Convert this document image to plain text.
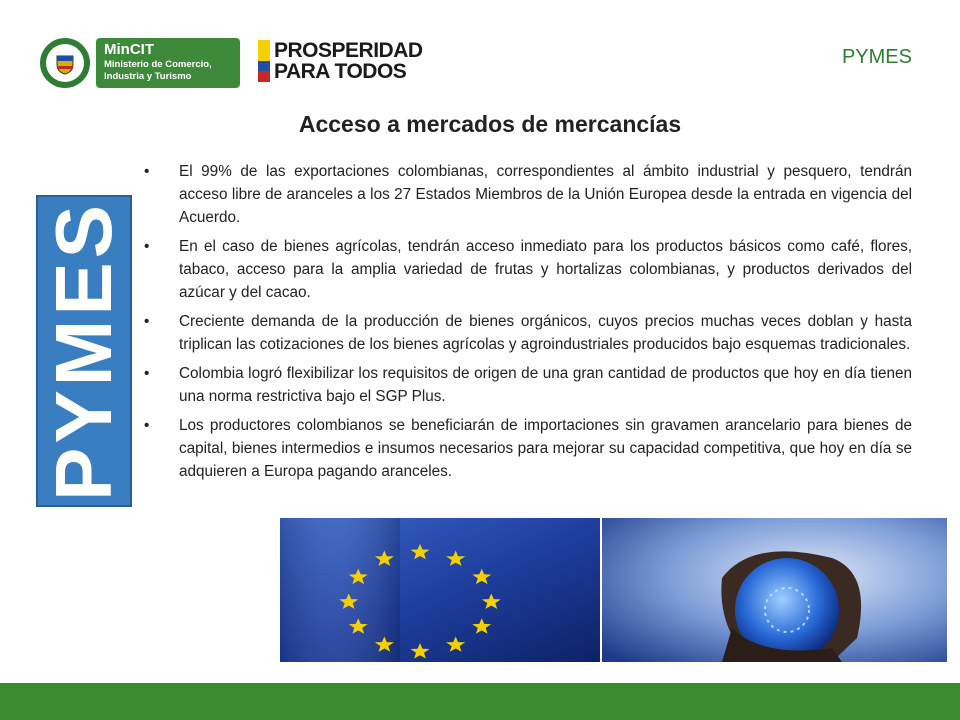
MinCIT
Ministerio de Comercio,
Industria y Turismo
PROSPERIDAD
PARA TODOS
PYMES
Acceso a mercados de mercancías
PYMES
• El 99% de las exportaciones colombianas, correspondientes al ámbito industrial y pesquero, tendrán acceso libre de aranceles a los 27 Estados Miembros de la Unión Europea desde la entrada en vigencia del Acuerdo.
• En el caso de bienes agrícolas, tendrán acceso inmediato para los productos básicos como café, flores, tabaco, acceso para la amplia variedad de frutas y hortalizas colombianas, y productos derivados del azúcar y del cacao.
• Creciente demanda de la producción de bienes orgánicos, cuyos precios muchas veces doblan y hasta triplican las cotizaciones de los bienes agrícolas y agroindustriales producidos bajo esquemas tradicionales.
• Colombia logró flexibilizar los requisitos de origen de una gran cantidad de productos que hoy en día tienen una norma restrictiva bajo el SGP Plus.
• Los productores colombianos se beneficiarán de importaciones sin gravamen arancelario para bienes de capital, bienes intermedios e insumos necesarios para mejorar su capacidad competitiva, que hoy en día se adquieren a Europa pagando aranceles.
